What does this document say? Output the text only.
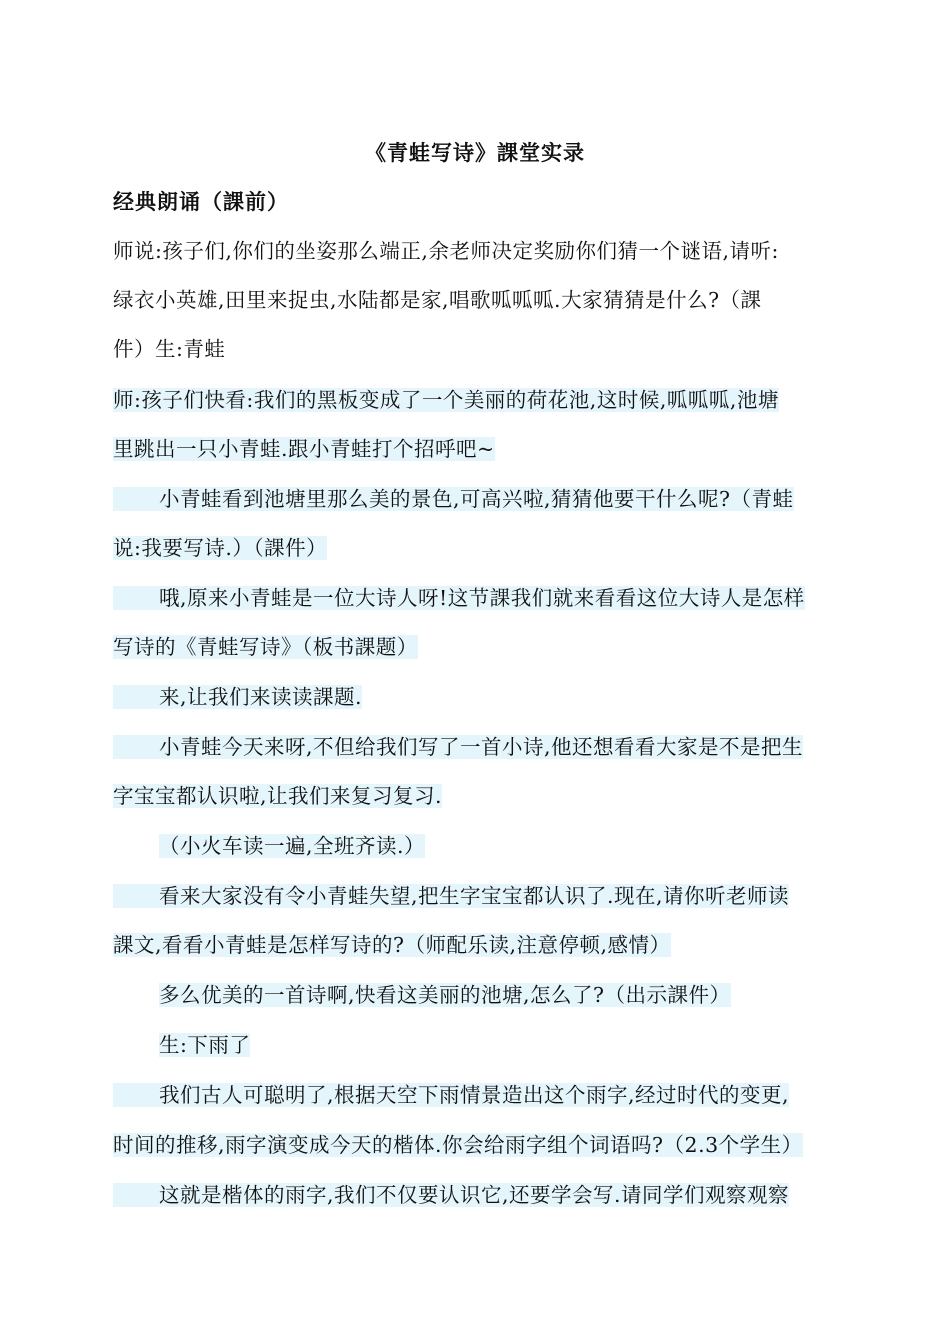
《青蛙写诗》課堂实录
经典朗诵（課前）
师说:孩子们,你们的坐姿那么端正,余老师决定奖励你们猜一个谜语,请听:
绿衣小英雄,田里来捉虫,水陆都是家,唱歌呱呱呱.大家猜猜是什么?（課
件）生:青蛙
师:孩子们快看:我们的黑板变成了一个美丽的荷花池,这时候,呱呱呱,池塘
里跳出一只小青蛙.跟小青蛙打个招呼吧~
小青蛙看到池塘里那么美的景色,可高兴啦,猜猜他要干什么呢?（青蛙
说:我要写诗.）（課件）
哦,原来小青蛙是一位大诗人呀!这节課我们就来看看这位大诗人是怎样
写诗的《青蛙写诗》（板书課题）
来,让我们来读读課题.
小青蛙今天来呀,不但给我们写了一首小诗,他还想看看大家是不是把生
字宝宝都认识啦,让我们来复习复习.
（小火车读一遍,全班齐读.）
看来大家没有令小青蛙失望,把生字宝宝都认识了.现在,请你听老师读
課文,看看小青蛙是怎样写诗的?（师配乐读,注意停顿,感情）
多么优美的一首诗啊,快看这美丽的池塘,怎么了?（出示課件）
生:下雨了
我们古人可聪明了,根据天空下雨情景造出这个雨字,经过时代的变更,
时间的推移,雨字演变成今天的楷体.你会给雨字组个词语吗?（2.3个学生）
这就是楷体的雨字,我们不仅要认识它,还要学会写.请同学们观察观察
